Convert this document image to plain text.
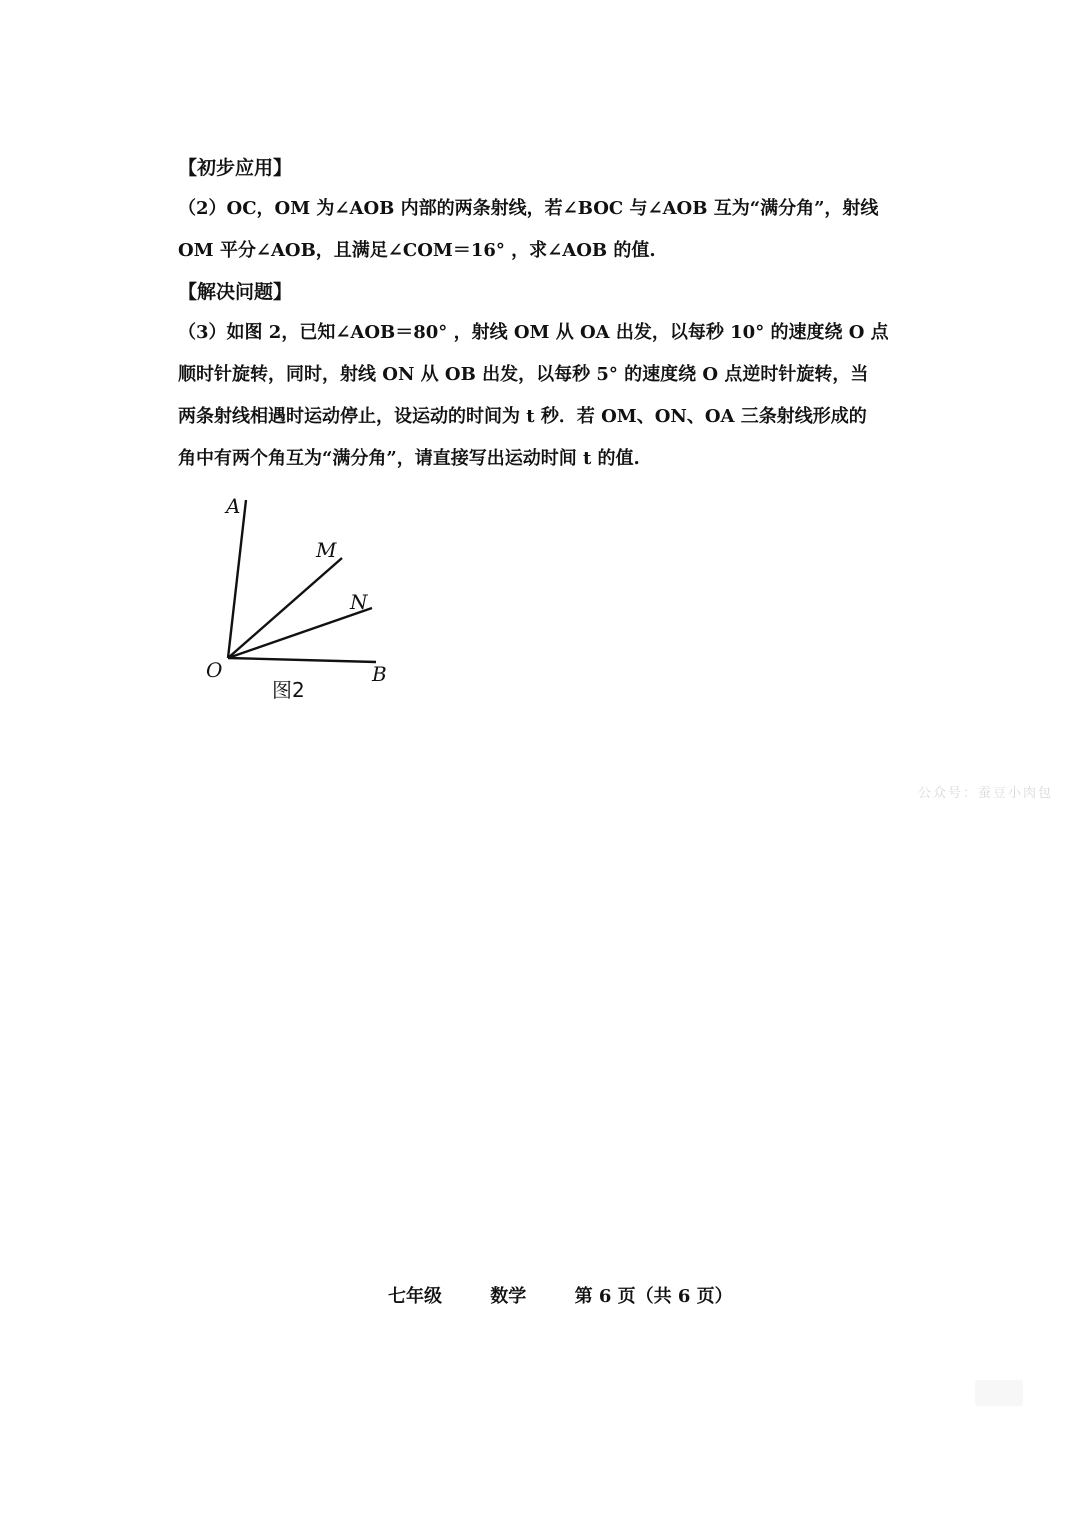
【初步应用】

（2）OC，OM 为∠AOB 内部的两条射线，若∠BOC 与∠AOB 互为“满分角”，射线
OM 平分∠AOB，且满足∠COM＝16° ，求∠AOB 的值.

【解决问题】

（3）如图 2，已知∠AOB＝80° ，射线 OM 从 OA 出发，以每秒 10° 的速度绕 O 点
顺时针旋转，同时，射线 ON 从 OB 出发，以每秒 5° 的速度绕 O 点逆时针旋转，当
两条射线相遇时运动停止，设运动的时间为 t 秒．若 OM、ON、OA 三条射线形成的
角中有两个角互为“满分角”，请直接写出运动时间 t 的值.

A
M
N
O	B
图2
公众号：蚕豆小肉包
七年级	数学	第 6 页（共 6 页）
